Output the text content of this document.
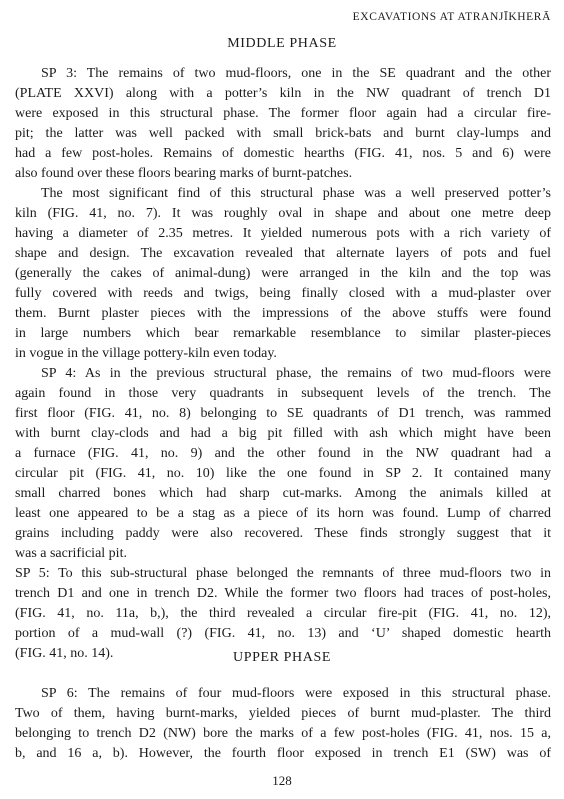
EXCAVATIONS AT ATRANJĪKHERĀ
MIDDLE PHASE
SP 3: The remains of two mud-floors, one in the SE quadrant and the other
(PLATE XXVI) along with a potter’s kiln in the NW quadrant of trench D1
were exposed in this structural phase. The former floor again had a circular fire-
pit; the latter was well packed with small brick-bats and burnt clay-lumps and
had a few post-holes. Remains of domestic hearths (FIG. 41, nos. 5 and 6) were
also found over these floors bearing marks of burnt-patches.
The most significant find of this structural phase was a well preserved potter’s
kiln (FIG. 41, no. 7). It was roughly oval in shape and about one metre deep
having a diameter of 2.35 metres. It yielded numerous pots with a rich variety of
shape and design. The excavation revealed that alternate layers of pots and fuel
(generally the cakes of animal-dung) were arranged in the kiln and the top was
fully covered with reeds and twigs, being finally closed with a mud-plaster over
them. Burnt plaster pieces with the impressions of the above stuffs were found
in large numbers which bear remarkable resemblance to similar plaster-pieces
in vogue in the village pottery-kiln even today.
SP 4: As in the previous structural phase, the remains of two mud-floors were
again found in those very quadrants in subsequent levels of the trench. The
first floor (FIG. 41, no. 8) belonging to SE quadrants of D1 trench, was rammed
with burnt clay-clods and had a big pit filled with ash which might have been
a furnace (FIG. 41, no. 9) and the other found in the NW quadrant had a
circular pit (FIG. 41, no. 10) like the one found in SP 2. It contained many
small charred bones which had sharp cut-marks. Among the animals killed at
least one appeared to be a stag as a piece of its horn was found. Lump of charred
grains including paddy were also recovered. These finds strongly suggest that it
was a sacrificial pit.
SP 5: To this sub-structural phase belonged the remnants of three mud-floors two in
trench D1 and one in trench D2. While the former two floors had traces of post-holes,
(FIG. 41, no. 11a, b,), the third revealed a circular fire-pit (FIG. 41, no. 12),
portion of a mud-wall (?) (FIG. 41, no. 13) and ‘U’ shaped domestic hearth
(FIG. 41, no. 14).	UPPER PHASE
SP 6: The remains of four mud-floors were exposed in this structural phase.
Two of them, having burnt-marks, yielded pieces of burnt mud-plaster. The third
belonging to trench D2 (NW) bore the marks of a few post-holes (FIG. 41, nos. 15 a,
b, and 16 a, b). However, the fourth floor exposed in trench E1 (SW) was of
128
